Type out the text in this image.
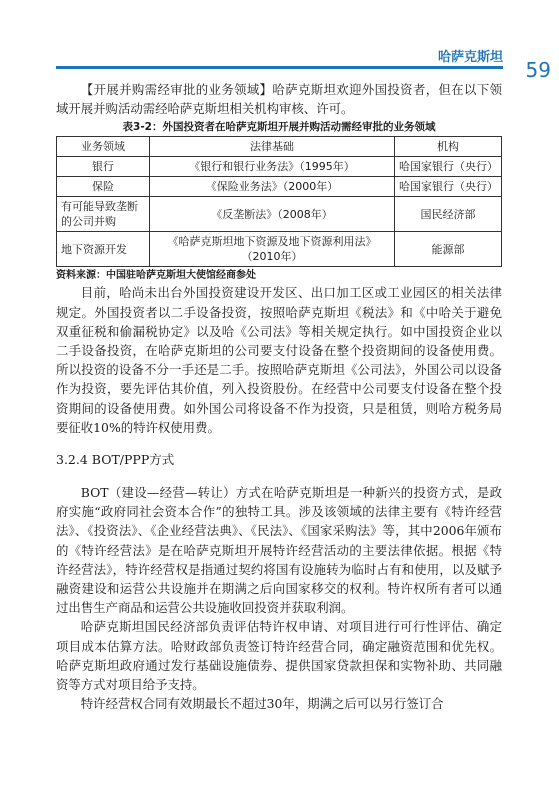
哈萨克斯坦
59

【开展并购需经审批的业务领域】哈萨克斯坦欢迎外国投资者，但在以下领域开展并购活动需经哈萨克斯坦相关机构审核、许可。

表3-2：外国投资者在哈萨克斯坦开展并购活动需经审批的业务领域
业务领域	法律基础	机构
银行	《银行和银行业务法》（1995年）	哈国家银行（央行）
保险	《保险业务法》（2000年）	哈国家银行（央行）
有可能导致垄断的公司并购	《反垄断法》（2008年）	国民经济部
地下资源开发	《哈萨克斯坦地下资源及地下资源利用法》（2010年）	能源部
资料来源：中国驻哈萨克斯坦大使馆经商参处

目前，哈尚未出台外国投资建设开发区、出口加工区或工业园区的相关法律规定。外国投资者以二手设备投资，按照哈萨克斯坦《税法》和《中哈关于避免双重征税和偷漏税协定》以及哈《公司法》等相关规定执行。如中国投资企业以二手设备投资，在哈萨克斯坦的公司要支付设备在整个投资期间的设备使用费。所以投资的设备不分一手还是二手。按照哈萨克斯坦《公司法》，外国公司以设备作为投资，要先评估其价值，列入投资股份。在经营中公司要支付设备在整个投资期间的设备使用费。如外国公司将设备不作为投资，只是租赁，则哈方税务局要征收10%的特许权使用费。

3.2.4 BOT/PPP方式

BOT（建设—经营—转让）方式在哈萨克斯坦是一种新兴的投资方式，是政府实施“政府同社会资本合作”的独特工具。涉及该领域的法律主要有《特许经营法》、《投资法》、《企业经营法典》、《民法》、《国家采购法》等，其中2006年颁布的《特许经营法》是在哈萨克斯坦开展特许经营活动的主要法律依据。根据《特许经营法》，特许经营权是指通过契约将国有设施转为临时占有和使用，以及赋予融资建设和运营公共设施并在期满之后向国家移交的权利。特许权所有者可以通过出售生产商品和运营公共设施收回投资并获取利润。

哈萨克斯坦国民经济部负责评估特许权申请、对项目进行可行性评估、确定项目成本估算方法。哈财政部负责签订特许经营合同，确定融资范围和优先权。哈萨克斯坦政府通过发行基础设施债券、提供国家贷款担保和实物补助、共同融资等方式对项目给予支持。

特许经营权合同有效期最长不超过30年，期满之后可以另行签订合
